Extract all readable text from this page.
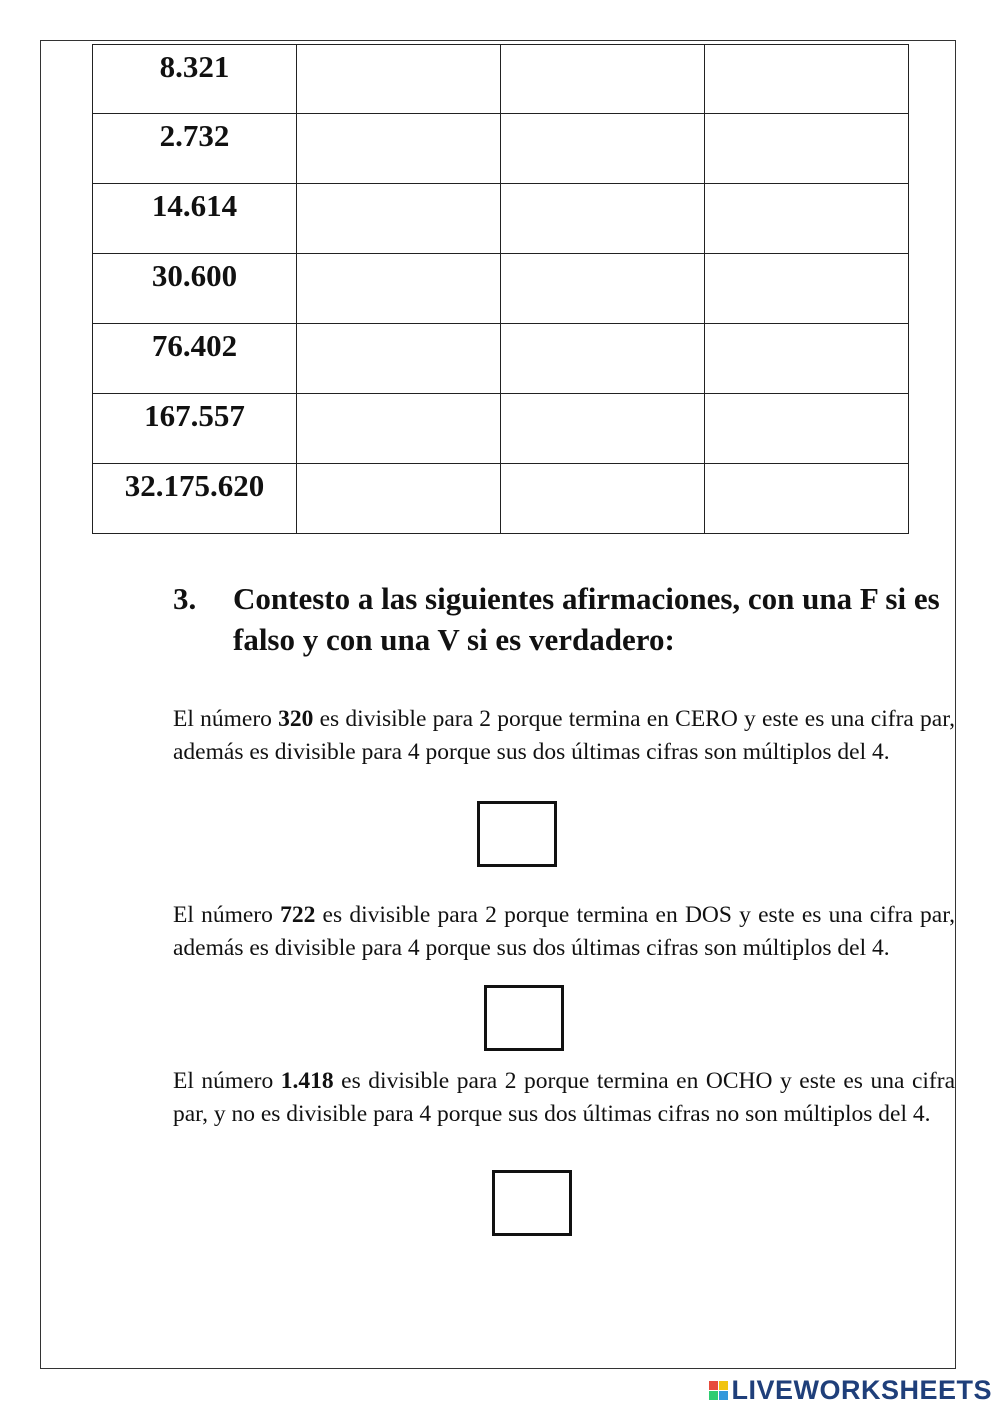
8.321			
2.732			
14.614			
30.600			
76.402			
167.557			
32.175.620			
3.	Contesto a las siguientes afirmaciones, con una F si es falso y con una V si es verdadero:
El número 320 es divisible para 2 porque termina en CERO y este es una cifra par, además es divisible para 4 porque sus dos últimas cifras son múltiplos del 4.
El número 722 es divisible para 2 porque termina en DOS y este es una cifra par, además es divisible para 4 porque sus dos últimas cifras son múltiplos del 4.
El número 1.418 es divisible para 2 porque termina en OCHO y este es una cifra par, y no es divisible para 4 porque sus dos últimas cifras no son múltiplos del 4.
LIVEWORKSHEETS
